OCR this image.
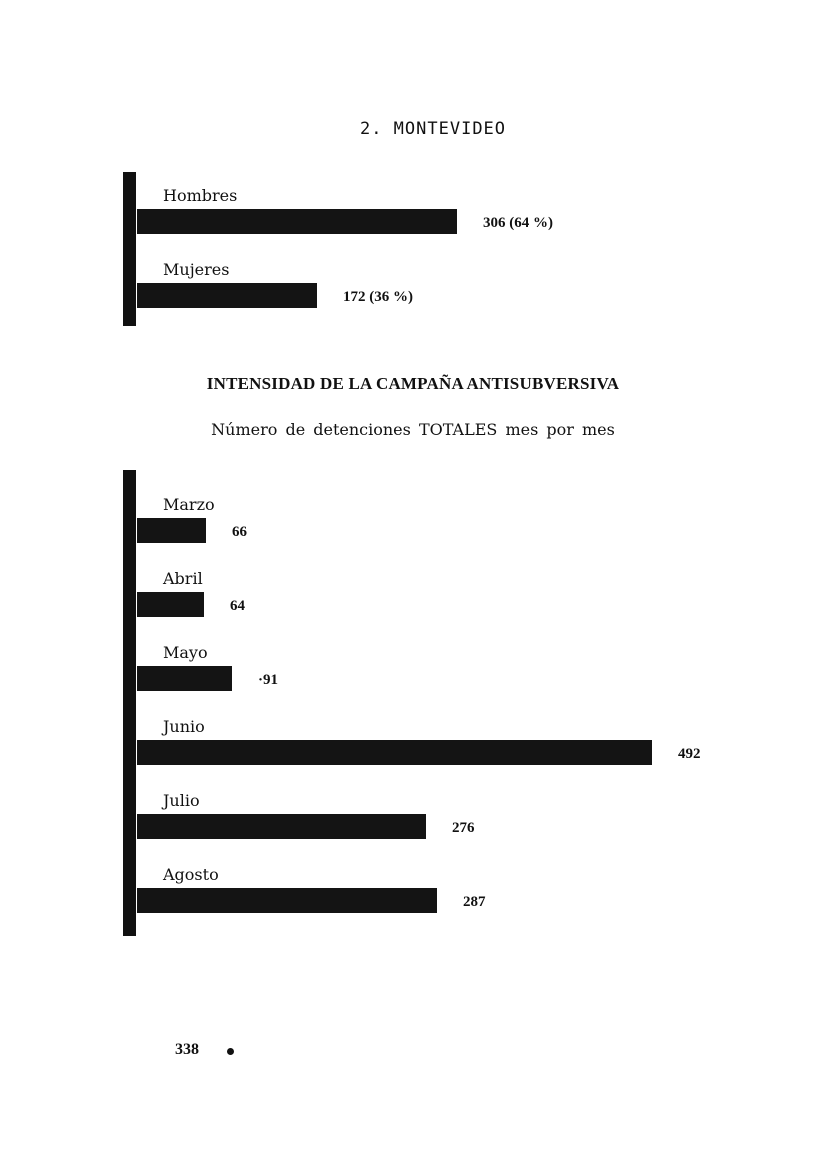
2. MONTEVIDEO
INTENSIDAD DE LA CAMPAÑA ANTISUBVERSIVA
Número de detenciones TOTALES mes por mes
Hombres
306 (64 %)
Mujeres
172 (36 %)
Marzo
66
Abril
64
Mayo
·91
Junio
492
Julio
276
Agosto
287
338
